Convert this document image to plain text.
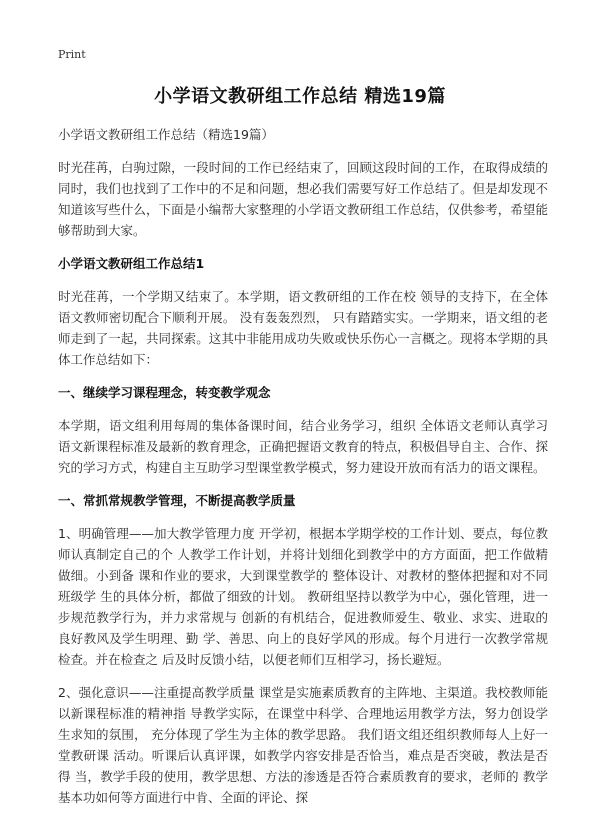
Print
小学语文教研组工作总结 精选19篇
小学语文教研组工作总结（精选19篇）
时光荏苒，白驹过隙，一段时间的工作已经结束了，回顾这段时间的工作，在取得成绩的同时，我们也找到了工作中的不足和问题，想必我们需要写好工作总结了。但是却发现不知道该写些什么，下面是小编帮大家整理的小学语文教研组工作总结，仅供参考，希望能够帮助到大家。
小学语文教研组工作总结1
时光荏苒，一个学期又结束了。本学期，语文教研组的工作在校 领导的支持下，在全体语文教师密切配合下顺利开展。 没有轰轰烈烈， 只有踏踏实实。一学期来，语文组的老师走到了一起，共同探索。这其中非能用成功失败或快乐伤心一言概之。现将本学期的具体工作总结如下：
一、继续学习课程理念，转变教学观念
本学期，语文组利用每周的集体备课时间，结合业务学习，组织 全体语文老师认真学习语文新课程标准及最新的教育理念，正确把握语文教育的特点，积极倡导自主、合作、探究的学习方式，构建自主互助学习型课堂教学模式，努力建设开放而有活力的语文课程。
一、常抓常规教学管理，不断提高教学质量
1、明确管理——加大教学管理力度 开学初，根据本学期学校的工作计划、要点，每位教师认真制定自己的个 人教学工作计划，并将计划细化到教学中的方方面面，把工作做精做细。小到备 课和作业的要求，大到课堂教学的 整体设计、对教材的整体把握和对不同班级学 生的具体分析，都做了细致的计划。 教研组坚持以教学为中心，强化管理，进一步规范教学行为，并力求常规与 创新的有机结合，促进教师爱生、敬业、求实、进取的良好教风及学生明理、勤 学、善思、向上的良好学风的形成。每个月进行一次教学常规检查。并在检查之 后及时反馈小结，以便老师们互相学习，扬长避短。
2、强化意识——注重提高教学质量 课堂是实施素质教育的主阵地、主渠道。我校教师能以新课程标准的精神指 导教学实际，在课堂中科学、合理地运用教学方法，努力创设学生求知的氛围， 充分体现了学生为主体的教学思路。 我们语文组还组织教师每人上好一堂教研课 活动。听课后认真评课，如教学内容安排是否恰当，难点是否突破，教法是否得 当，教学手段的使用，教学思想、方法的渗透是否符合素质教育的要求，老师的 教学基本功如何等方面进行中肯、全面的评论、探
